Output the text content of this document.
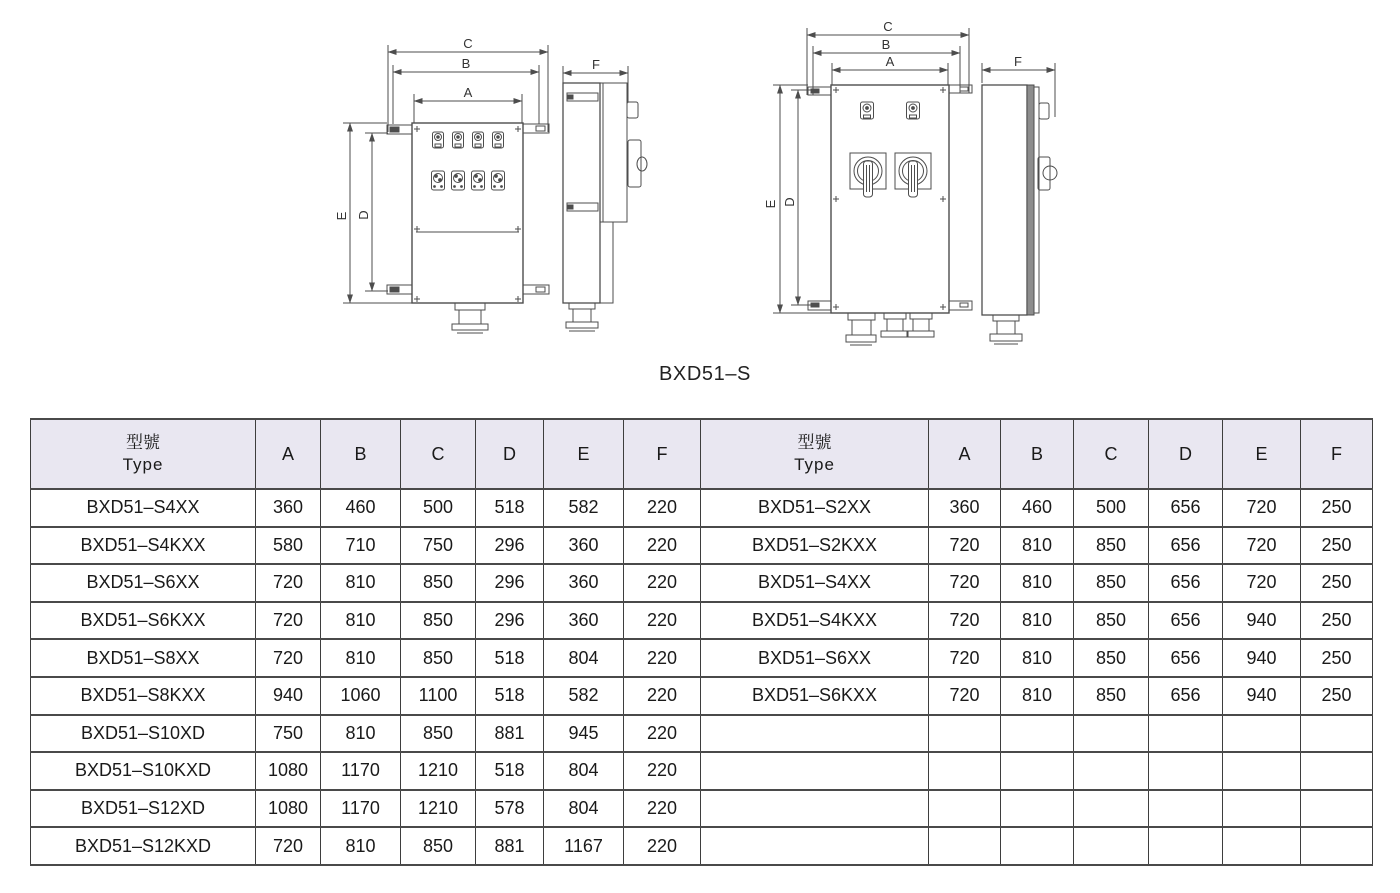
C
B
A
E D
F
C
B
A
E D
F
BXD51–S
型號
Type
	A	B	C	D	E	F	
型號
Type
	A	B	C	D	E	F
BXD51–S4XX	360	460	500	518	582	220	BXD51–S2XX	360	460	500	656	720	250
BXD51–S4KXX	580	710	750	296	360	220	BXD51–S2KXX	720	810	850	656	720	250
BXD51–S6XX	720	810	850	296	360	220	BXD51–S4XX	720	810	850	656	720	250
BXD51–S6KXX	720	810	850	296	360	220	BXD51–S4KXX	720	810	850	656	940	250
BXD51–S8XX	720	810	850	518	804	220	BXD51–S6XX	720	810	850	656	940	250
BXD51–S8KXX	940	1060	1100	518	582	220	BXD51–S6KXX	720	810	850	656	940	250
BXD51–S10XD	750	810	850	881	945	220							
BXD51–S10KXD	1080	1170	1210	518	804	220							
BXD51–S12XD	1080	1170	1210	578	804	220							
BXD51–S12KXD	720	810	850	881	1167	220							
